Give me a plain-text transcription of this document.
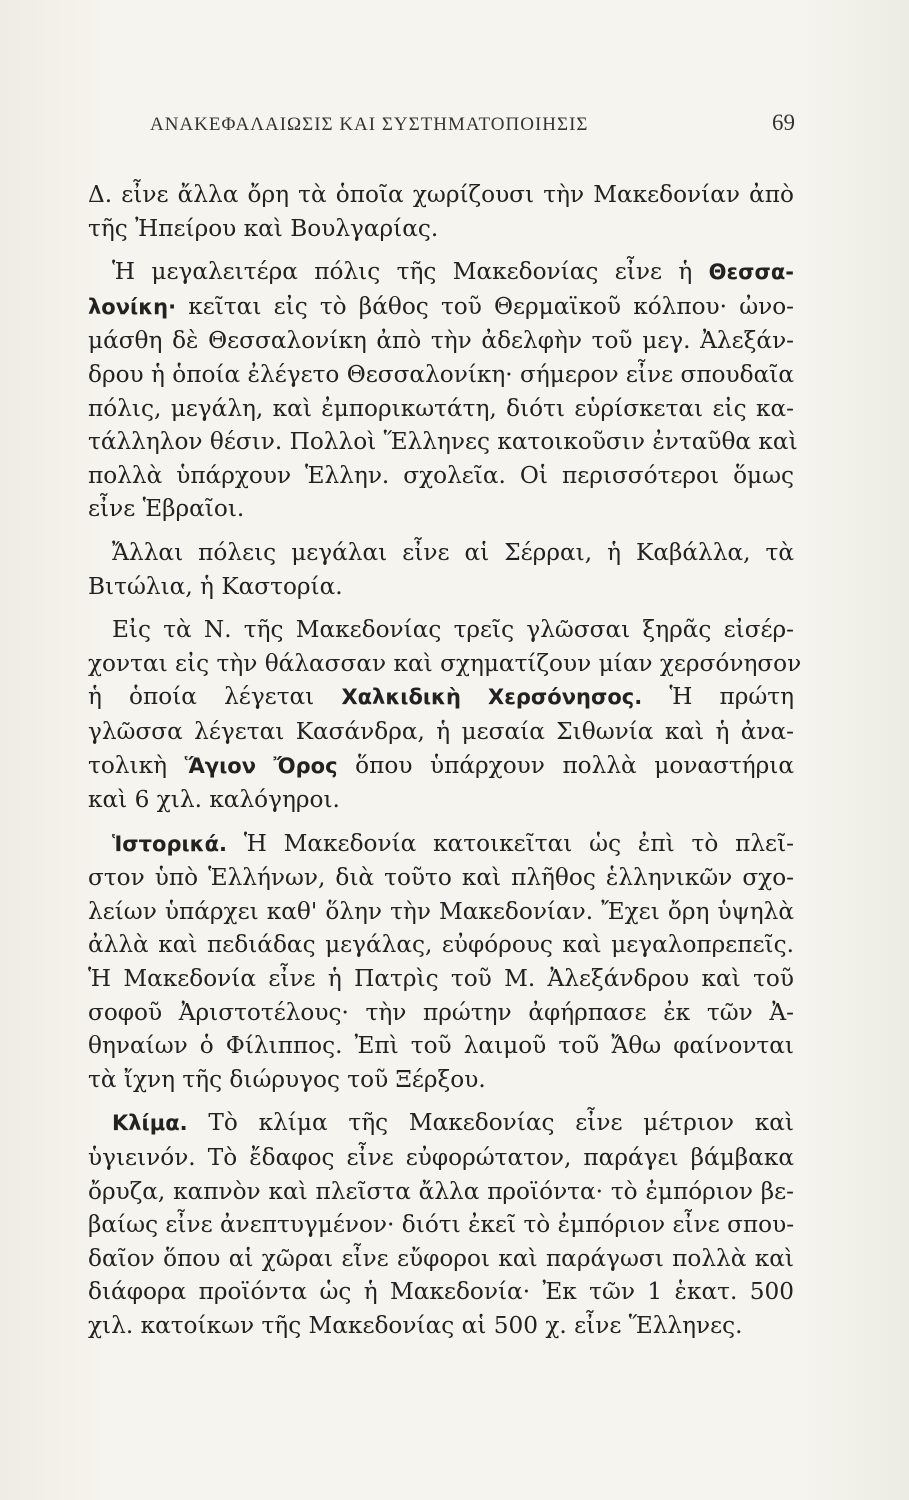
ΑΝΑΚΕΦΑΛΑΙΩΣΙΣ ΚΑΙ ΣΥΣΤΗΜΑΤΟΠΟΙΗΣΙΣ	69

Δ. εἶνε ἄλλα ὄρη τὰ ὁποῖα χωρίζουσι τὴν Μακεδονίαν ἀπὸ
τῆς Ἠπείρου καὶ Βουλγαρίας.

Ἡ μεγαλειτέρα πόλις τῆς Μακεδονίας εἶνε ἡ Θεσσα-
λονίκη· κεῖται εἰς τὸ βάθος τοῦ Θερμαϊκοῦ κόλπου· ὠνο-
μάσθη δὲ Θεσσαλονίκη ἀπὸ τὴν ἀδελφὴν τοῦ μεγ. Ἀλεξάν-
δρου ἡ ὁποία ἐλέγετο Θεσσαλονίκη· σήμερον εἶνε σπουδαῖα
πόλις, μεγάλη, καὶ ἐμπορικωτάτη, διότι εὑρίσκεται εἰς κα-
τάλληλον θέσιν. Πολλοὶ Ἕλληνες κατοικοῦσιν ἐνταῦθα καὶ
πολλὰ ὑπάρχουν Ἑλλην. σχολεῖα. Οἱ περισσότεροι ὅμως
εἶνε Ἑβραῖοι.

Ἄλλαι πόλεις μεγάλαι εἶνε αἱ Σέρραι, ἡ Καβάλλα, τὰ
Βιτώλια, ἡ Καστορία.

Εἰς τὰ Ν. τῆς Μακεδονίας τρεῖς γλῶσσαι ξηρᾶς εἰσέρ-
χονται εἰς τὴν θάλασσαν καὶ σχηματίζουν μίαν χερσόνησον
ἡ ὁποία λέγεται Χαλκιδικὴ Χερσόνησος. Ἡ πρώτη
γλῶσσα λέγεται Κασάνδρα, ἡ μεσαία Σιθωνία καὶ ἡ ἀνα-
τολικὴ Ἅγιον Ὄρος ὅπου ὑπάρχουν πολλὰ μοναστήρια
καὶ 6 χιλ. καλόγηροι.

Ἱστορικά. Ἡ Μακεδονία κατοικεῖται ὡς ἐπὶ τὸ πλεῖ-
στον ὑπὸ Ἑλλήνων, διὰ τοῦτο καὶ πλῆθος ἑλληνικῶν σχο-
λείων ὑπάρχει καθ' ὅλην τὴν Μακεδονίαν. Ἔχει ὄρη ὑψηλὰ
ἀλλὰ καὶ πεδιάδας μεγάλας, εὐφόρους καὶ μεγαλοπρεπεῖς.
Ἡ Μακεδονία εἶνε ἡ Πατρὶς τοῦ Μ. Ἀλεξάνδρου καὶ τοῦ
σοφοῦ Ἀριστοτέλους· τὴν πρώτην ἀφήρπασε ἐκ τῶν Ἀ-
θηναίων ὁ Φίλιππος. Ἐπὶ τοῦ λαιμοῦ τοῦ Ἄθω φαίνονται
τὰ ἴχνη τῆς διώρυγος τοῦ Ξέρξου.

Κλίμα. Τὸ κλίμα τῆς Μακεδονίας εἶνε μέτριον καὶ
ὑγιεινόν. Τὸ ἔδαφος εἶνε εὐφορώτατον, παράγει βάμβακα
ὄρυζα, καπνὸν καὶ πλεῖστα ἄλλα προϊόντα· τὸ ἐμπόριον βε-
βαίως εἶνε ἀνεπτυγμένον· διότι ἐκεῖ τὸ ἐμπόριον εἶνε σπου-
δαῖον ὅπου αἱ χῶραι εἶνε εὔφοροι καὶ παράγωσι πολλὰ καὶ
διάφορα προϊόντα ὡς ἡ Μακεδονία· Ἐκ τῶν 1 ἑκατ. 500
χιλ. κατοίκων τῆς Μακεδονίας αἱ 500 χ. εἶνε Ἕλληνες.
